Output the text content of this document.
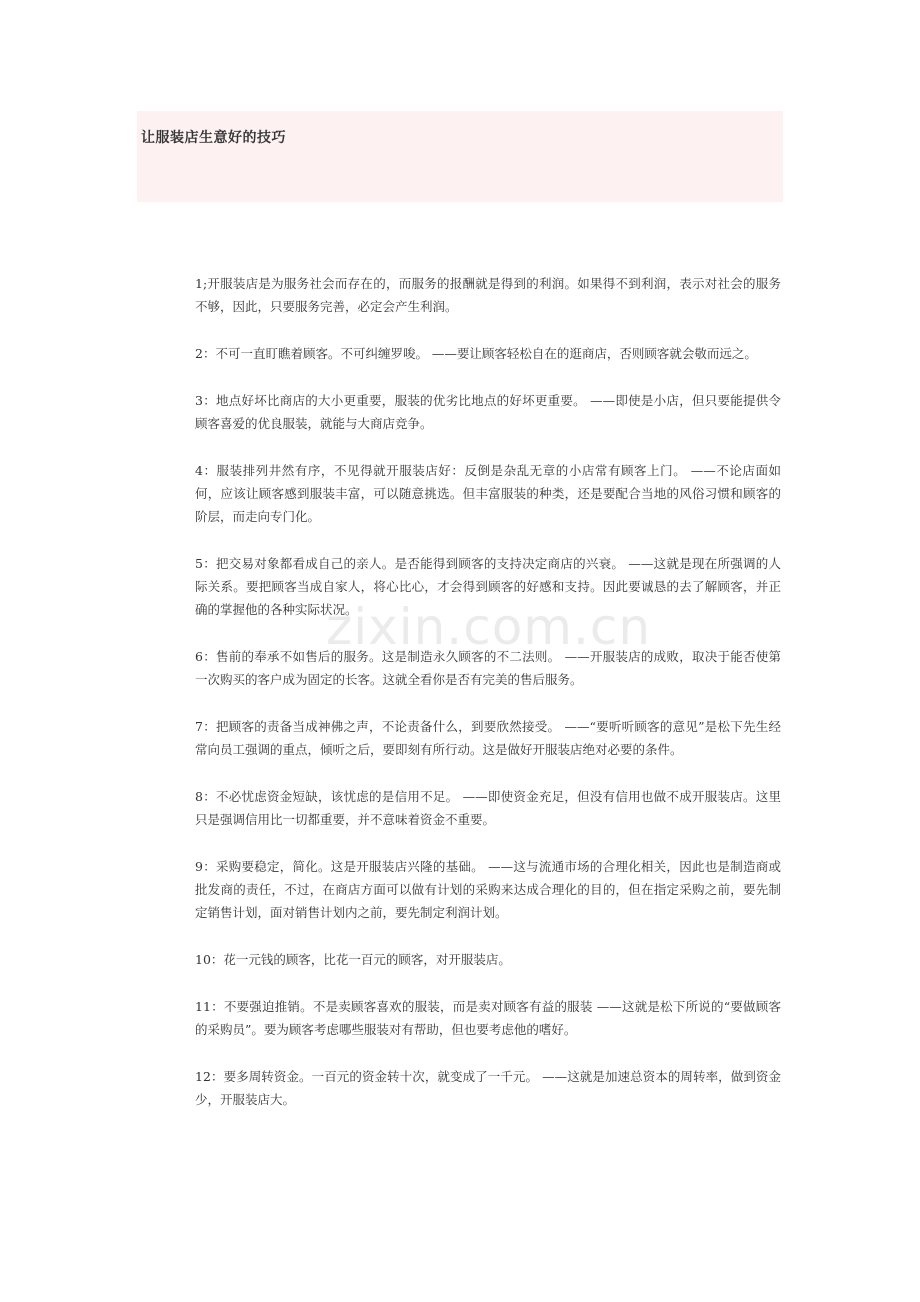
让服装店生意好的技巧

1;开服装店是为服务社会而存在的，而服务的报酬就是得到的利润。如果得不到利润，表示对社会的服务不够，因此，只要服务完善，必定会产生利润。

2：不可一直盯瞧着顾客。不可纠缠罗唆。 ——要让顾客轻松自在的逛商店，否则顾客就会敬而远之。

3：地点好坏比商店的大小更重要，服装的优劣比地点的好坏更重要。 ——即使是小店，但只要能提供令顾客喜爱的优良服装，就能与大商店竞争。

4：服装排列井然有序，不见得就开服装店好：反倒是杂乱无章的小店常有顾客上门。 ——不论店面如何，应该让顾客感到服装丰富，可以随意挑选。但丰富服装的种类，还是要配合当地的风俗习惯和顾客的阶层，而走向专门化。

5：把交易对象都看成自己的亲人。是否能得到顾客的支持决定商店的兴衰。 ——这就是现在所强调的人际关系。要把顾客当成自家人，将心比心，才会得到顾客的好感和支持。因此要诚恳的去了解顾客，并正确的掌握他的各种实际状况。

6：售前的奉承不如售后的服务。这是制造永久顾客的不二法则。 ——开服装店的成败，取决于能否使第一次购买的客户成为固定的长客。这就全看你是否有完美的售后服务。

7：把顾客的责备当成神佛之声，不论责备什么，到要欣然接受。 ——“要听听顾客的意见”是松下先生经常向员工强调的重点，倾听之后，要即刻有所行动。这是做好开服装店绝对必要的条件。

8：不必忧虑资金短缺，该忧虑的是信用不足。 ——即使资金充足，但没有信用也做不成开服装店。这里只是强调信用比一切都重要，并不意味着资金不重要。

9：采购要稳定，简化。这是开服装店兴隆的基础。 ——这与流通市场的合理化相关，因此也是制造商或批发商的责任，不过，在商店方面可以做有计划的采购来达成合理化的目的，但在指定采购之前，要先制定销售计划，面对销售计划内之前，要先制定利润计划。

10：花一元钱的顾客，比花一百元的顾客，对开服装店。

11：不要强迫推销。不是卖顾客喜欢的服装，而是卖对顾客有益的服装 ——这就是松下所说的“要做顾客的采购员”。要为顾客考虑哪些服装对有帮助，但也要考虑他的嗜好。

12：要多周转资金。一百元的资金转十次，就变成了一千元。 ——这就是加速总资本的周转率，做到资金少，开服装店大。

zixin.com.cn
